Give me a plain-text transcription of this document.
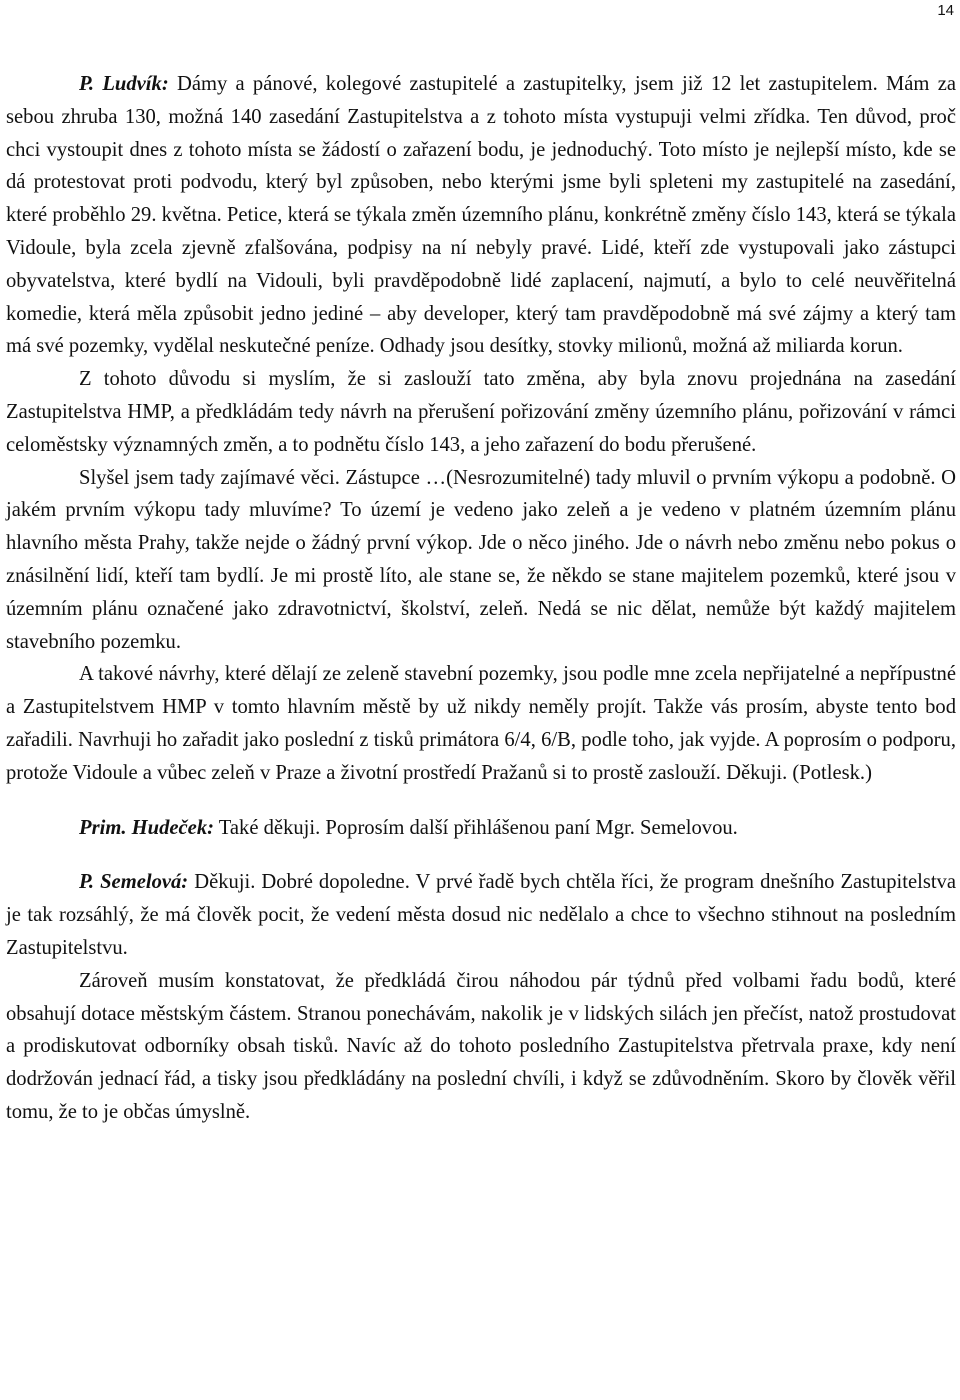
14

P. Ludvík: Dámy a pánové, kolegové zastupitelé a zastupitelky, jsem již 12 let zastupitelem. Mám za sebou zhruba 130, možná 140 zasedání Zastupitelstva a z tohoto místa vystupuji velmi zřídka. Ten důvod, proč chci vystoupit dnes z tohoto místa se žádostí o zařazení bodu, je jednoduchý. Toto místo je nejlepší místo, kde se dá protestovat proti podvodu, který byl způsoben, nebo kterými jsme byli spleteni my zastupitelé na zasedání, které proběhlo 29. května. Petice, která se týkala změn územního plánu, konkrétně změny číslo 143, která se týkala Vidoule, byla zcela zjevně zfalšována, podpisy na ní nebyly pravé. Lidé, kteří zde vystupovali jako zástupci obyvatelstva, které bydlí na Vidouli, byli pravděpodobně lidé zaplacení, najmutí, a bylo to celé neuvěřitelná komedie, která měla způsobit jedno jediné – aby developer, který tam pravděpodobně má své zájmy a který tam má své pozemky, vydělal neskutečné peníze. Odhady jsou desítky, stovky milionů, možná až miliarda korun.

Z tohoto důvodu si myslím, že si zaslouží tato změna, aby byla znovu projednána na zasedání Zastupitelstva HMP, a předkládám tedy návrh na přerušení pořizování změny územního plánu, pořizování v rámci celoměstsky významných změn, a to podnětu číslo 143, a jeho zařazení do bodu přerušené.

Slyšel jsem tady zajímavé věci. Zástupce …(Nesrozumitelné) tady mluvil o prvním výkopu a podobně. O jakém prvním výkopu tady mluvíme? To území je vedeno jako zeleň a je vedeno v platném územním plánu hlavního města Prahy, takže nejde o žádný první výkop. Jde o něco jiného. Jde o návrh nebo změnu nebo pokus o znásilnění lidí, kteří tam bydlí. Je mi prostě líto, ale stane se, že někdo se stane majitelem pozemků, které jsou v územním plánu označené jako zdravotnictví, školství, zeleň. Nedá se nic dělat, nemůže být každý majitelem stavebního pozemku.

A takové návrhy, které dělají ze zeleně stavební pozemky, jsou podle mne zcela nepřijatelné a nepřípustné a Zastupitelstvem HMP v tomto hlavním městě by už nikdy neměly projít. Takže vás prosím, abyste tento bod zařadili. Navrhuji ho zařadit jako poslední z tisků primátora 6/4, 6/B, podle toho, jak vyjde. A poprosím o podporu, protože Vidoule a vůbec zeleň v Praze a životní prostředí Pražanů si to prostě zaslouží. Děkuji. (Potlesk.)

Prim. Hudeček: Také děkuji. Poprosím další přihlášenou paní Mgr. Semelovou.

P. Semelová: Děkuji. Dobré dopoledne. V prvé řadě bych chtěla říci, že program dnešního Zastupitelstva je tak rozsáhlý, že má člověk pocit, že vedení města dosud nic nedělalo a chce to všechno stihnout na posledním Zastupitelstvu.

Zároveň musím konstatovat, že předkládá čirou náhodou pár týdnů před volbami řadu bodů, které obsahují dotace městským částem. Stranou ponechávám, nakolik je v lidských silách jen přečíst, natož prostudovat a prodiskutovat odborníky obsah tisků. Navíc až do tohoto posledního Zastupitelstva přetrvala praxe, kdy není dodržován jednací řád, a tisky jsou předkládány na poslední chvíli, i když se zdůvodněním. Skoro by člověk věřil tomu, že to je občas úmyslně.
